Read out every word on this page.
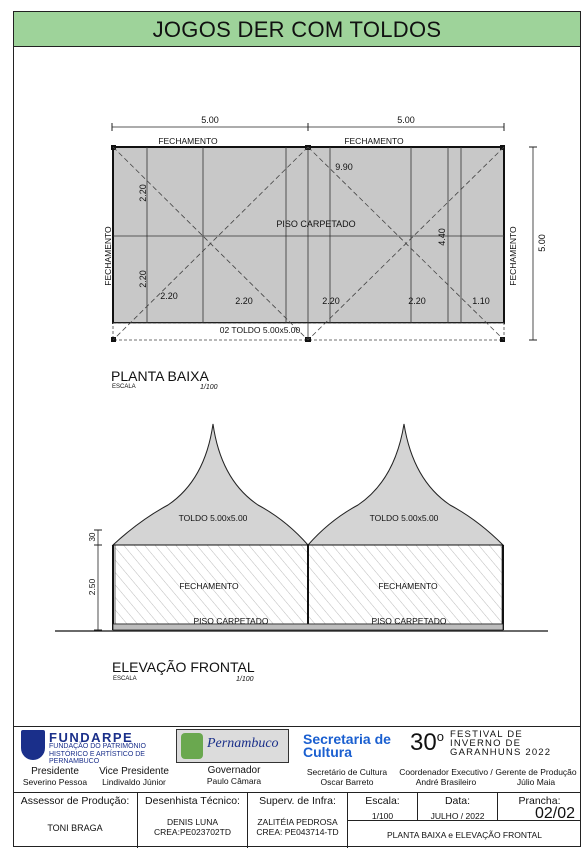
JOGOS DER COM TOLDOS
5.00	5.00
FECHAMENTO	FECHAMENTO
9.90
PISO CARPETADO
4.40
2.20
2.20
2.20	2.20	2.20	2.20	1.10
02 TOLDO 5.00x5.00
FECHAMENTO	FECHAMENTO 5.00
PLANTA BAIXA
ESCALA	1/100
TOLDO 5.00x5.00	TOLDO 5.00x5.00
FECHAMENTO	FECHAMENTO
PISO CARPETADO	PISO CARPETADO
30
2.50
ELEVAÇÃO FRONTAL
ESCALA	1/100
FUNDARPE
FUNDAÇÃO DO PATRIMÔNIO HISTÓRICO E ARTÍSTICO DE PERNAMBUCO
Presidente
Severino Pessoa
Vice Presidente
Lindivaldo Júnior
Pernambuco
Governador
Paulo Câmara
Secretaria de Cultura
Secretário de Cultura
Oscar Barreto
30$^o$ FESTIVAL DE INVERNO DE GARANHUNS 2022
Coordenador Executivo /
André Brasileiro
Gerente de Produção
Júlio Maia
Assessor de Produção:
TONI BRAGA
Desenhista Técnico:
DENIS LUNA
CREA:PE023702TD
Superv. de Infra:
ZALITÉIA PEDROSA
CREA: PE043714-TD
Escala:
1/100
Data:
JULHO / 2022
Prancha:
02/02
PLANTA BAIXA e ELEVAÇÃO FRONTAL
